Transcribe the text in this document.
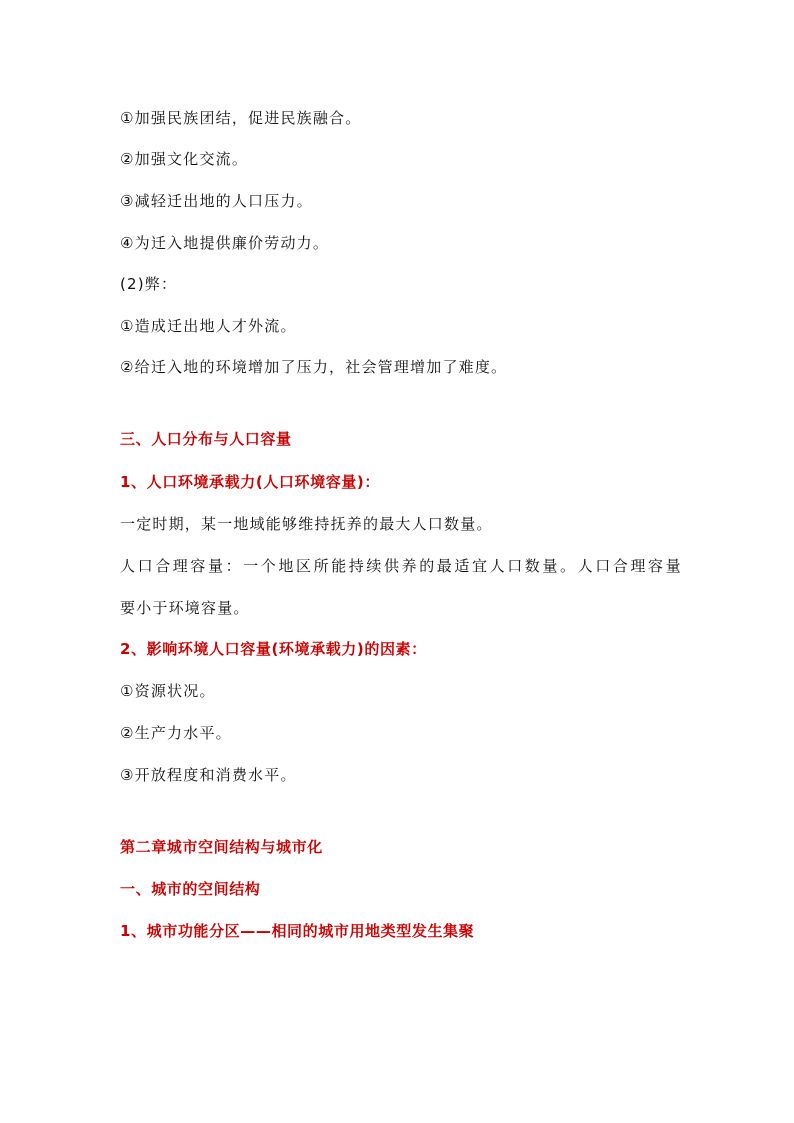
①加强民族团结，促进民族融合。
②加强文化交流。
③减轻迁出地的人口压力。
④为迁入地提供廉价劳动力。
(2)弊：
①造成迁出地人才外流。
②给迁入地的环境增加了压力，社会管理增加了难度。
三、人口分布与人口容量
1、人口环境承载力(人口环境容量)：
一定时期，某一地域能够维持抚养的最大人口数量。
人口合理容量：一个地区所能持续供养的最适宜人口数量。人口合理容量
要小于环境容量。
2、影响环境人口容量(环境承载力)的因素：
①资源状况。
②生产力水平。
③开放程度和消费水平。
第二章城市空间结构与城市化
一、城市的空间结构
1、城市功能分区——相同的城市用地类型发生集聚
